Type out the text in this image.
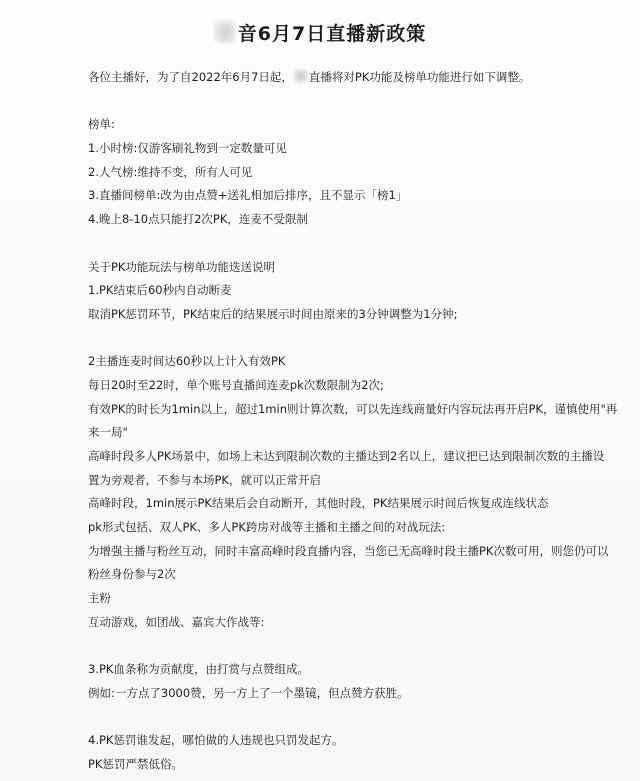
音6月7日直播新政策
各位主播好，为了自2022年6月7日起， 直播将对PK功能及榜单功能进行如下调整。
榜单:
1.小时榜:仅游客刷礼物到一定数量可见
2.人气榜:维持不变，所有人可见
3.直播间榜单:改为由点赞+送礼相加后排序，且不显示「榜1」
4.晚上8-10点只能打2次PK，连麦不受限制
关于PK功能玩法与榜单功能迭送说明
1.PK结束后60秒内自动断麦
取消PK惩罚环节，PK结束后的结果展示时间由原来的3分钟调整为1分钟;
2主播连麦时间达60秒以上计入有效PK
每日20时至22时，单个账号直播间连麦pk次数限制为2次;
有效PK的时长为1min以上，超过1min则计算次数，可以先连线商量好内容玩法再开启PK，谨慎使用"再
来一局"
高峰时段多人PK场景中，如场上未达到限制次数的主播达到2名以上，建议把已达到限制次数的主播设
置为旁观者，不参与本场PK，就可以正常开启
高峰时段，1min展示PK结果后会自动断开，其他时段，PK结果展示时间后恢复成连线状态
pk形式包括、双人PK、多人PK跨房对战等主播和主播之间的对战玩法:
为增强主播与粉丝互动，同时丰富高峰时段直播内容，当您已无高峰时段主播PK次数可用，则您仍可以
粉丝身份参与2次
主粉
互动游戏，如团战、嘉宾大作战等:
3.PK血条称为贡献度，由打赏与点赞组成。
例如:一方点了3000赞，另一方上了一个墨镜，但点赞方获胜。
4.PK惩罚谁发起，哪怕做的人违规也只罚发起方。
PK惩罚严禁低俗。
